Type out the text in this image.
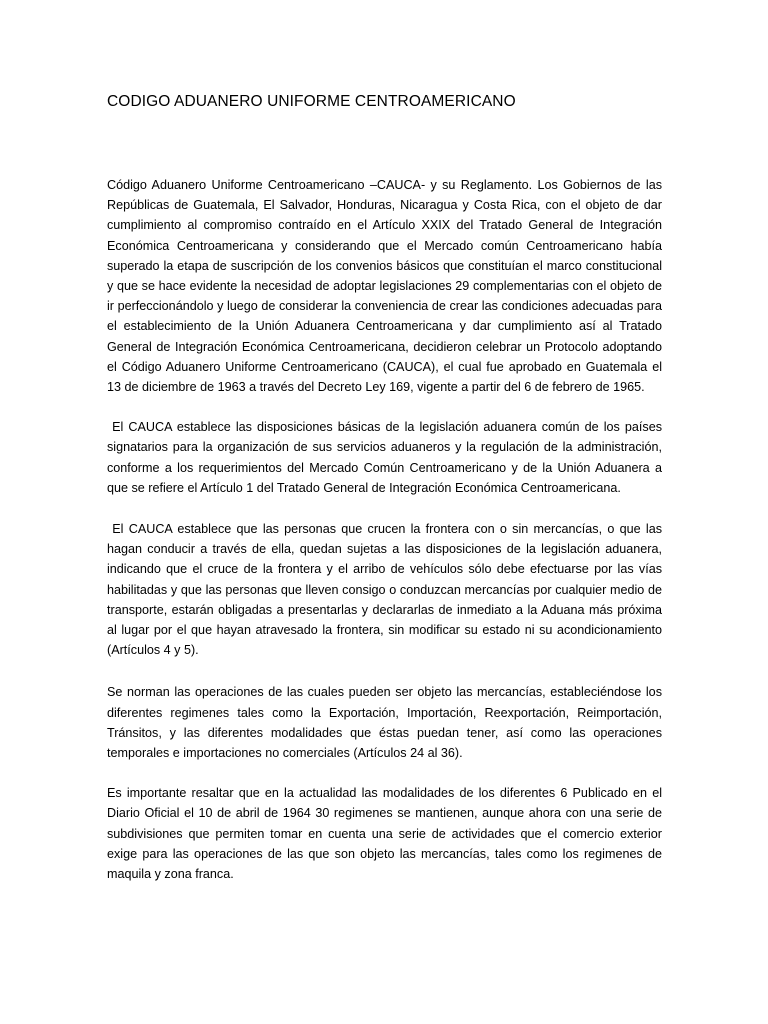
CODIGO ADUANERO UNIFORME CENTROAMERICANO

Código Aduanero Uniforme Centroamericano –CAUCA- y su Reglamento. Los Gobiernos de las Repúblicas de Guatemala, El Salvador, Honduras, Nicaragua y Costa Rica, con el objeto de dar cumplimiento al compromiso contraído en el Artículo XXIX del Tratado General de Integración Económica Centroamericana y considerando que el Mercado común Centroamericano había superado la etapa de suscripción de los convenios básicos que constituían el marco constitucional y que se hace evidente la necesidad de adoptar legislaciones 29 complementarias con el objeto de ir perfeccionándolo y luego de considerar la conveniencia de crear las condiciones adecuadas para el establecimiento de la Unión Aduanera Centroamericana y dar cumplimiento así al Tratado General de Integración Económica Centroamericana, decidieron celebrar un Protocolo adoptando el Código Aduanero Uniforme Centroamericano (CAUCA), el cual fue aprobado en Guatemala el 13 de diciembre de 1963 a través del Decreto Ley 169, vigente a partir del 6 de febrero de 1965.

El CAUCA establece las disposiciones básicas de la legislación aduanera común de los países signatarios para la organización de sus servicios aduaneros y la regulación de la administración, conforme a los requerimientos del Mercado Común Centroamericano y de la Unión Aduanera a que se refiere el Artículo 1 del Tratado General de Integración Económica Centroamericana.

El CAUCA establece que las personas que crucen la frontera con o sin mercancías, o que las hagan conducir a través de ella, quedan sujetas a las disposiciones de la legislación aduanera, indicando que el cruce de la frontera y el arribo de vehículos sólo debe efectuarse por las vías habilitadas y que las personas que lleven consigo o conduzcan mercancías por cualquier medio de transporte, estarán obligadas a presentarlas y declararlas de inmediato a la Aduana más próxima al lugar por el que hayan atravesado la frontera, sin modificar su estado ni su acondicionamiento (Artículos 4 y 5).

Se norman las operaciones de las cuales pueden ser objeto las mercancías, estableciéndose los diferentes regimenes tales como la Exportación, Importación, Reexportación, Reimportación, Tránsitos, y las diferentes modalidades que éstas puedan tener, así como las operaciones temporales e importaciones no comerciales (Artículos 24 al 36).

Es importante resaltar que en la actualidad las modalidades de los diferentes 6 Publicado en el Diario Oficial el 10 de abril de 1964 30 regimenes se mantienen, aunque ahora con una serie de subdivisiones que permiten tomar en cuenta una serie de actividades que el comercio exterior exige para las operaciones de las que son objeto las mercancías, tales como los regimenes de maquila y zona franca.
